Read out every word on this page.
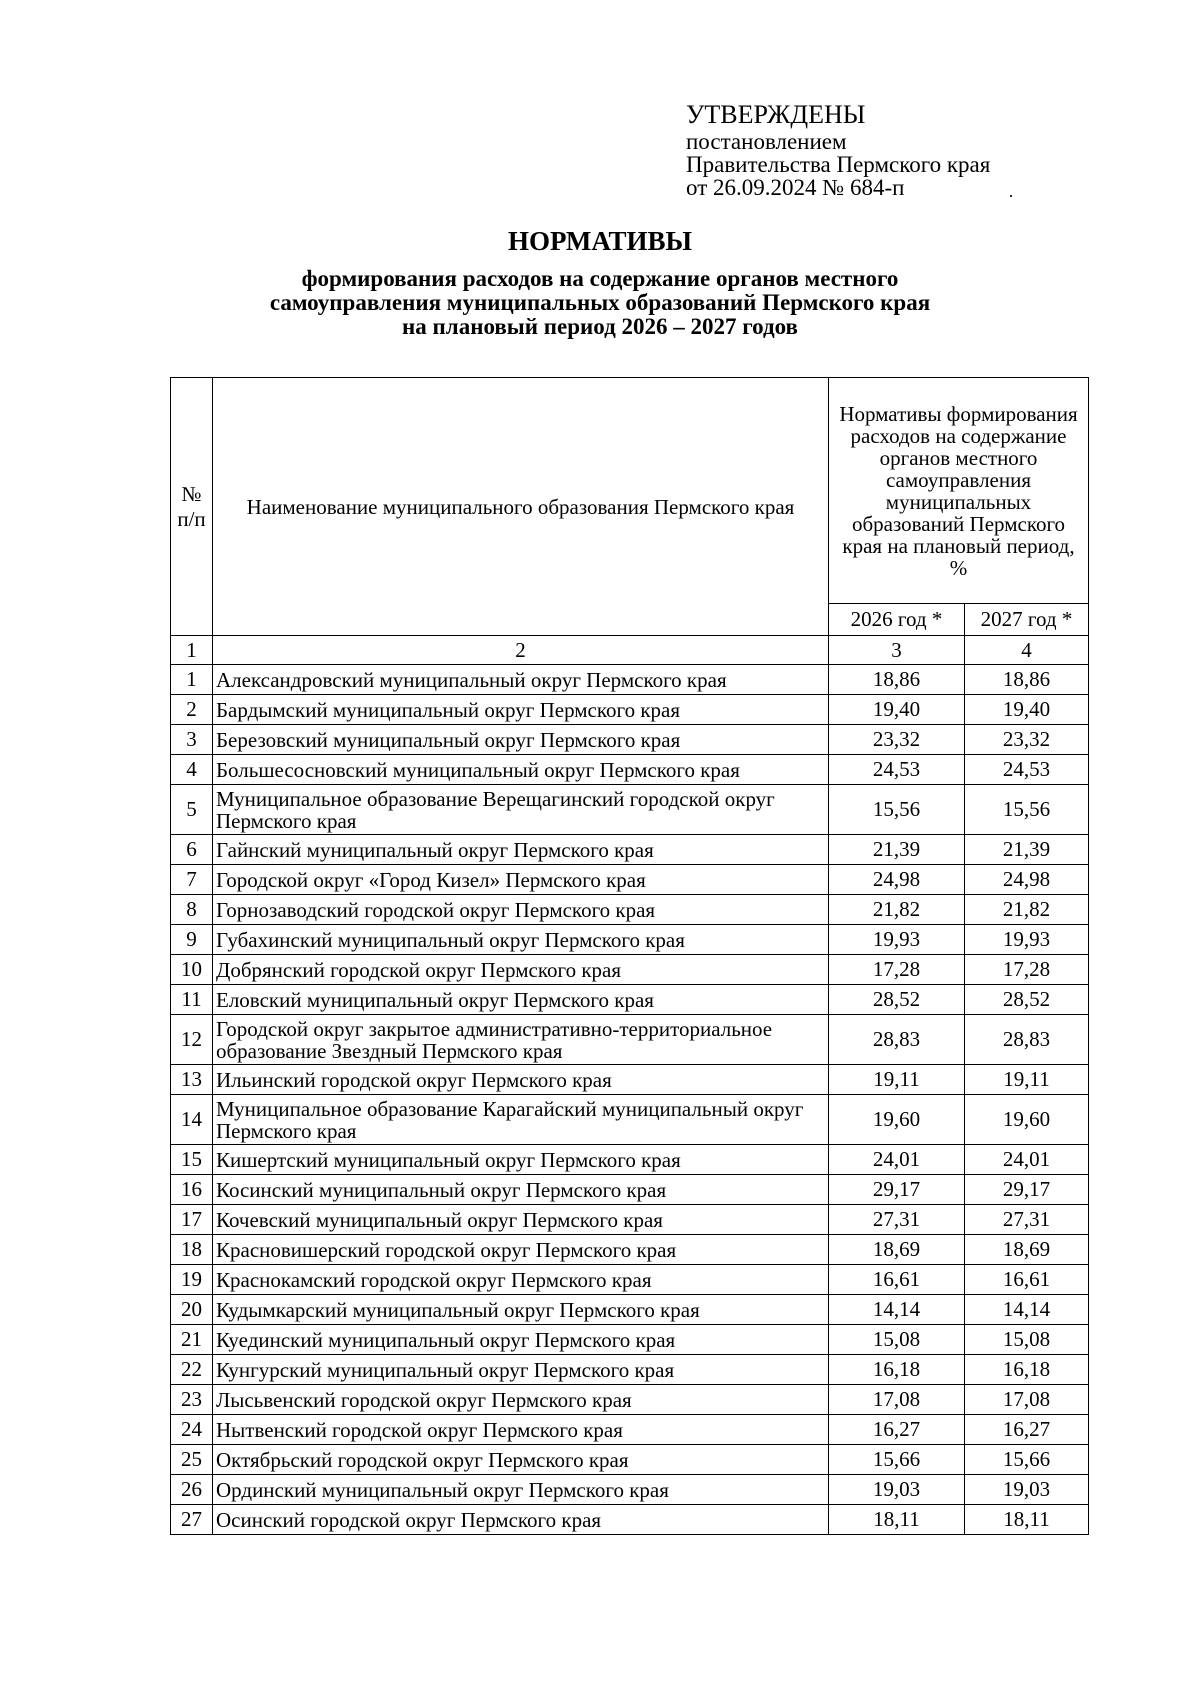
УТВЕРЖДЕНЫ
постановлением
Правительства Пермского края
от 26.09.2024 № 684-п
НОРМАТИВЫ
формирования расходов на содержание органов местного
самоуправления муниципальных образований Пермского края
на плановый период 2026 – 2027 годов
№ п/п	Наименование муниципального образования Пермского края	Нормативы формирования расходов на содержание органов местного самоуправления муниципальных образований Пермского края на плановый период, %	
		2026 год *	2027 год *
1	2	3	4
1	Александровский муниципальный округ Пермского края	18,86	18,86
2	Бардымский муниципальный округ Пермского края	19,40	19,40
3	Березовский муниципальный округ Пермского края	23,32	23,32
4	Большесосновский муниципальный округ Пермского края	24,53	24,53
5	Муниципальное образование Верещагинский городской округ Пермского края	15,56	15,56
6	Гайнский муниципальный округ Пермского края	21,39	21,39
7	Городской округ «Город Кизел» Пермского края	24,98	24,98
8	Горнозаводский городской округ Пермского края	21,82	21,82
9	Губахинский муниципальный округ Пермского края	19,93	19,93
10	Добрянский городской округ Пермского края	17,28	17,28
11	Еловский муниципальный округ Пермского края	28,52	28,52
12	Городской округ закрытое административно-территориальное образование Звездный Пермского края	28,83	28,83
13	Ильинский городской округ Пермского края	19,11	19,11
14	Муниципальное образование Карагайский муниципальный округ Пермского края	19,60	19,60
15	Кишертский муниципальный округ Пермского края	24,01	24,01
16	Косинский муниципальный округ Пермского края	29,17	29,17
17	Кочевский муниципальный округ Пермского края	27,31	27,31
18	Красновишерский городской округ Пермского края	18,69	18,69
19	Краснокамский городской округ Пермского края	16,61	16,61
20	Кудымкарский муниципальный округ Пермского края	14,14	14,14
21	Куединский муниципальный округ Пермского края	15,08	15,08
22	Кунгурский муниципальный округ Пермского края	16,18	16,18
23	Лысьвенский городской округ Пермского края	17,08	17,08
24	Нытвенский городской округ Пермского края	16,27	16,27
25	Октябрьский городской округ Пермского края	15,66	15,66
26	Ординский муниципальный округ Пермского края	19,03	19,03
27	Осинский городской округ Пермского края	18,11	18,11
·
